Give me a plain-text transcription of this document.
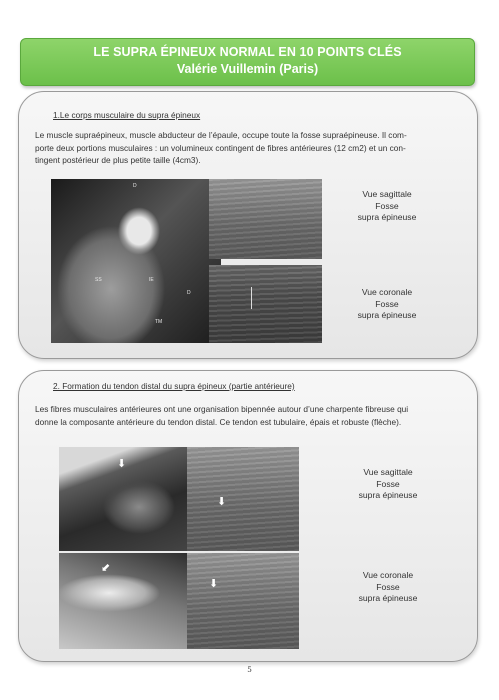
LE SUPRA ÉPINEUX NORMAL EN 10 POINTS CLÉS
Valérie Vuillemin (Paris)
1.Le corps musculaire du supra épineux
Le muscle supraépineux, muscle abducteur de l’épaule, occupe toute la fosse supraépineuse. Il com-
porte deux portions musculaires : un volumineux contingent de fibres antérieures (12 cm2) et un con-
tingent postérieur de plus petite taille (4cm3).
D
SE
SS	IE
D
TM
Vue sagittale
Fosse
supra épineuse
Vue coronale
Fosse
supra épineuse
2. Formation du tendon distal du supra épineux (partie antérieure)
Les fibres musculaires antérieures ont une organisation bipennée autour d’une charpente fibreuse qui
donne la composante antérieure du tendon distal. Ce tendon est tubulaire, épais et robuste (flèche).
⬇
⬋
⬇
⬇
Vue sagittale
Fosse
supra épineuse
Vue coronale
Fosse
supra épineuse
5
